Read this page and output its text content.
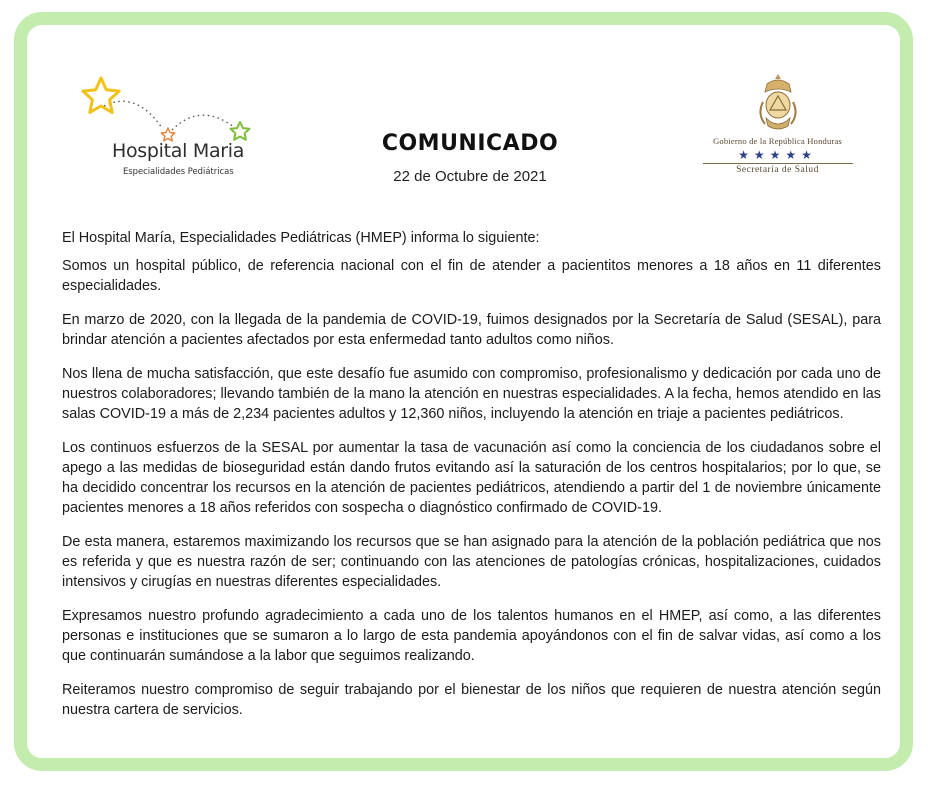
Hospital Maria
Especialidades Pediátricas
COMUNICADO
22 de Octubre de 2021
Gobierno de la República Honduras
★★★★★
Secretaría de Salud

El Hospital María, Especialidades Pediátricas (HMEP) informa lo siguiente:

Somos un hospital público, de referencia nacional con el fin de atender a pacientitos menores a 18 años en 11 diferentes especialidades.

En marzo de 2020, con la llegada de la pandemia de COVID-19, fuimos designados por la Secretaría de Salud (SESAL), para brindar atención a pacientes afectados por esta enfermedad tanto adultos como niños.

Nos llena de mucha satisfacción, que este desafío fue asumido con compromiso, profesionalismo y dedicación por cada uno de nuestros colaboradores; llevando también de la mano la atención en nuestras especialidades. A la fecha, hemos atendido en las salas COVID-19 a más de 2,234 pacientes adultos y 12,360 niños, incluyendo la atención en triaje a pacientes pediátricos.

Los continuos esfuerzos de la SESAL por aumentar la tasa de vacunación así como la conciencia de los ciudadanos sobre el apego a las medidas de bioseguridad están dando frutos evitando así la saturación de los centros hospitalarios; por lo que, se ha decidido concentrar los recursos en la atención de pacientes pediátricos, atendiendo a partir del 1 de noviembre únicamente pacientes menores a 18 años referidos con sospecha o diagnóstico confirmado de COVID-19.

De esta manera, estaremos maximizando los recursos que se han asignado para la atención de la población pediátrica que nos es referida y que es nuestra razón de ser; continuando con las atenciones de patologías crónicas, hospitalizaciones, cuidados intensivos y cirugías en nuestras diferentes especialidades.

Expresamos nuestro profundo agradecimiento a cada uno de los talentos humanos en el HMEP, así como, a las diferentes personas e instituciones que se sumaron a lo largo de esta pandemia apoyándonos con el fin de salvar vidas, así como a los que continuarán sumándose a la labor que seguimos realizando.

Reiteramos nuestro compromiso de seguir trabajando por el bienestar de los niños que requieren de nuestra atención según nuestra cartera de servicios.
